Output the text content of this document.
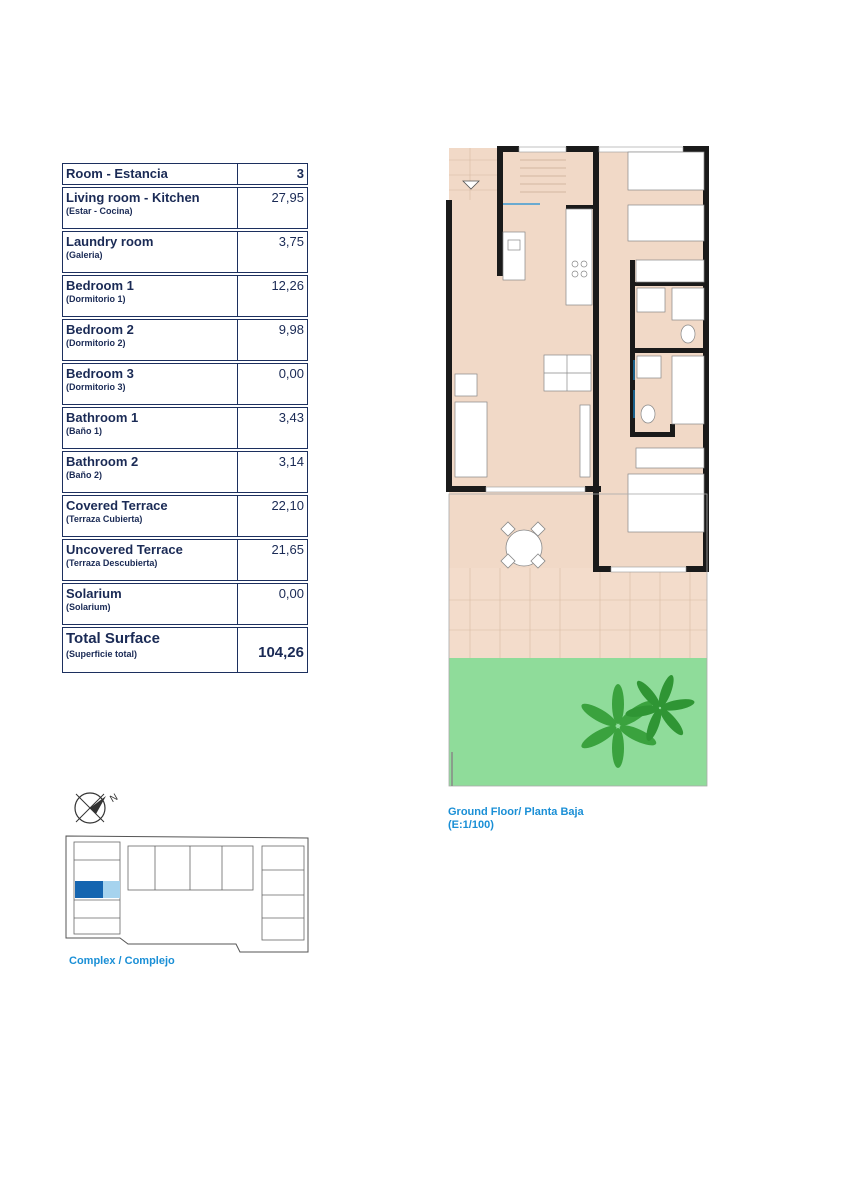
Room - Estancia	3

Living room - Kitchen
(Estar - Cocina)	27,95

Laundry room
(Galeria)	3,75

Bedroom 1
(Dormitorio 1)	12,26

Bedroom 2
(Dormitorio 2)	9,98

Bedroom 3
(Dormitorio 3)	0,00

Bathroom 1
(Baño 1)	3,43

Bathroom 2
(Baño 2)	3,14

Covered Terrace
(Terraza Cubierta)	22,10

Uncovered Terrace
(Terraza Descubierta)	21,65

Solarium
(Solarium)	0,00

Total Surface
(Superficie total)	104,26
Ground Floor/ Planta Baja
(E:1/100)
N
Complex / Complejo
